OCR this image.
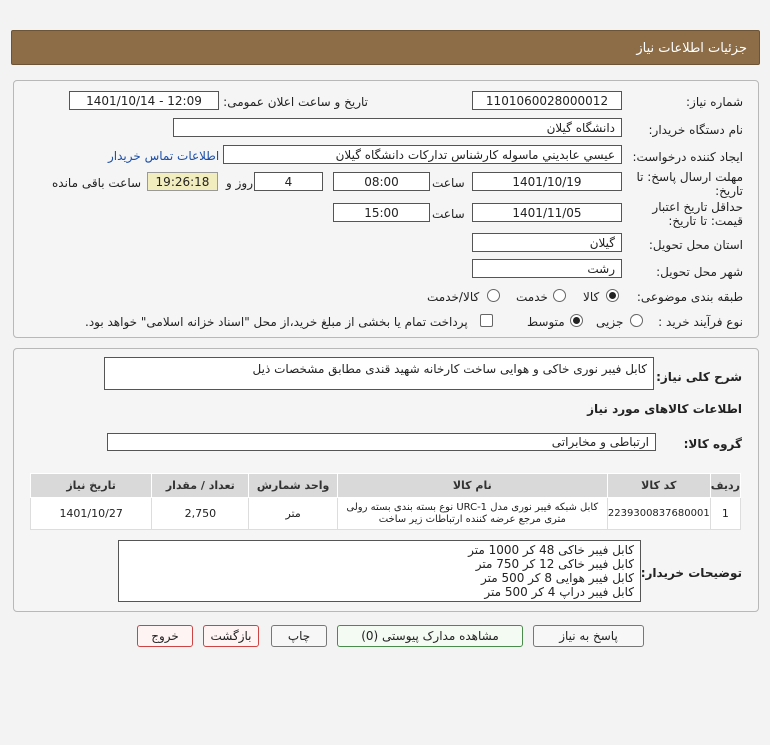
جزئیات اطلاعات نیاز
شماره نیاز:
1101060028000012
تاریخ و ساعت اعلان عمومی:
1401/10/14 - 12:09
نام دستگاه خریدار:
دانشگاه گیلان
ایجاد کننده درخواست:
عیسي عابديني ماسوله کارشناس تدارکات دانشگاه گيلان
اطلاعات تماس خریدار
مهلت ارسال پاسخ: تا
تاریخ:
1401/10/19
ساعت
08:00
4
روز و
19:26:18
ساعت باقی مانده
حداقل تاریخ اعتبار
قیمت: تا تاریخ:
1401/11/05
ساعت
15:00
استان محل تحویل:
گیلان
شهر محل تحویل:
رشت
طبقه بندی موضوعی:
کالا
خدمت
کالا/خدمت
نوع فرآیند خرید :
جزیی
متوسط
پرداخت تمام یا بخشی از مبلغ خرید،از محل "اسناد خزانه اسلامی" خواهد بود.
شرح کلی نیاز:
کابل فیبر نوری خاکی و هوایی ساخت کارخانه شهید قندی مطابق مشخصات ذیل
اطلاعات کالاهای مورد نیاز
گروه کالا:
ارتباطی و مخابراتی
ردیف	کد کالا	نام کالا	واحد شمارش	تعداد / مقدار	تاریخ نیاز
1	2239300837680001	کابل شبکه فیبر نوری مدل URC-1 نوع بسته بندی بسته رولی متری مرجع عرضه کننده ارتباطات زیر ساخت	متر	2,750	1401/10/27
توضیحات خریدار:
کابل فیبر خاکی 48 کر 1000 متر
کابل فیبر خاکی 12 کر 750 متر
کابل فیبر هوایی 8 کر 500 متر
کابل فیبر دراپ 4 کر 500 متر
پاسخ به نیاز
مشاهده مدارک پیوستی (0)
چاپ
بازگشت
خروج
